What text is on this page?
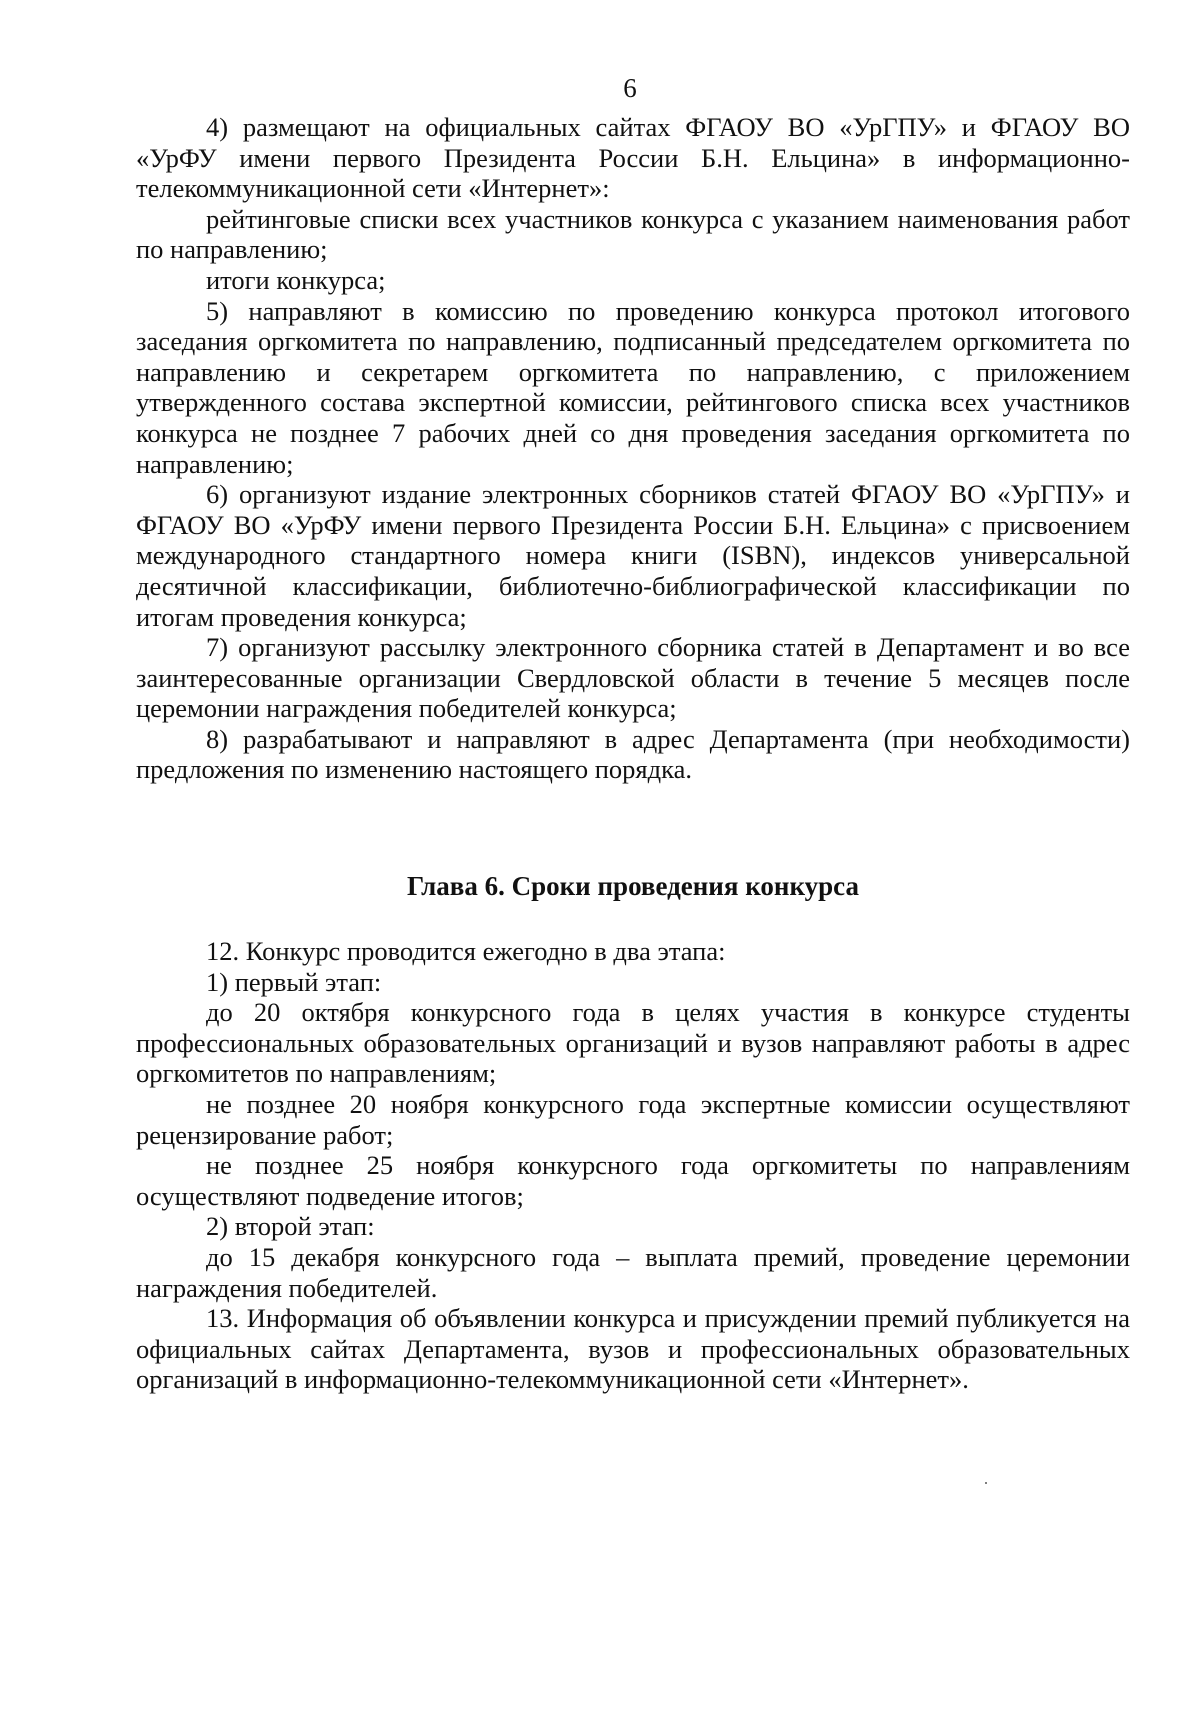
6

4) размещают на официальных сайтах ФГАОУ ВО «УрГПУ» и ФГАОУ ВО «УрФУ имени первого Президента России Б.Н. Ельцина» в информационно-телекоммуникационной сети «Интернет»:

рейтинговые списки всех участников конкурса с указанием наименования работ по направлению;

итоги конкурса;

5) направляют в комиссию по проведению конкурса протокол итогового заседания оргкомитета по направлению, подписанный председателем оргкомитета по направлению и секретарем оргкомитета по направлению, с приложением утвержденного состава экспертной комиссии, рейтингового списка всех участников конкурса не позднее 7 рабочих дней со дня проведения заседания оргкомитета по направлению;

6) организуют издание электронных сборников статей ФГАОУ ВО «УрГПУ» и ФГАОУ ВО «УрФУ имени первого Президента России Б.Н. Ельцина» с присвоением международного стандартного номера книги (ISBN), индексов универсальной десятичной классификации, библиотечно-библиографической классификации по итогам проведения конкурса;

7) организуют рассылку электронного сборника статей в Департамент и во все заинтересованные организации Свердловской области в течение 5 месяцев после церемонии награждения победителей конкурса;

8) разрабатывают и направляют в адрес Департамента (при необходимости) предложения по изменению настоящего порядка.

Глава 6. Сроки проведения конкурса

12. Конкурс проводится ежегодно в два этапа:

1) первый этап:

до 20 октября конкурсного года в целях участия в конкурсе студенты профессиональных образовательных организаций и вузов направляют работы в адрес оргкомитетов по направлениям;

не позднее 20 ноября конкурсного года экспертные комиссии осуществляют рецензирование работ;

не позднее 25 ноября конкурсного года оргкомитеты по направлениям осуществляют подведение итогов;

2) второй этап:

до 15 декабря конкурсного года – выплата премий, проведение церемонии награждения победителей.

13. Информация об объявлении конкурса и присуждении премий публикуется на официальных сайтах Департамента, вузов и профессиональных образовательных организаций в информационно-телекоммуникационной сети «Интернет».
